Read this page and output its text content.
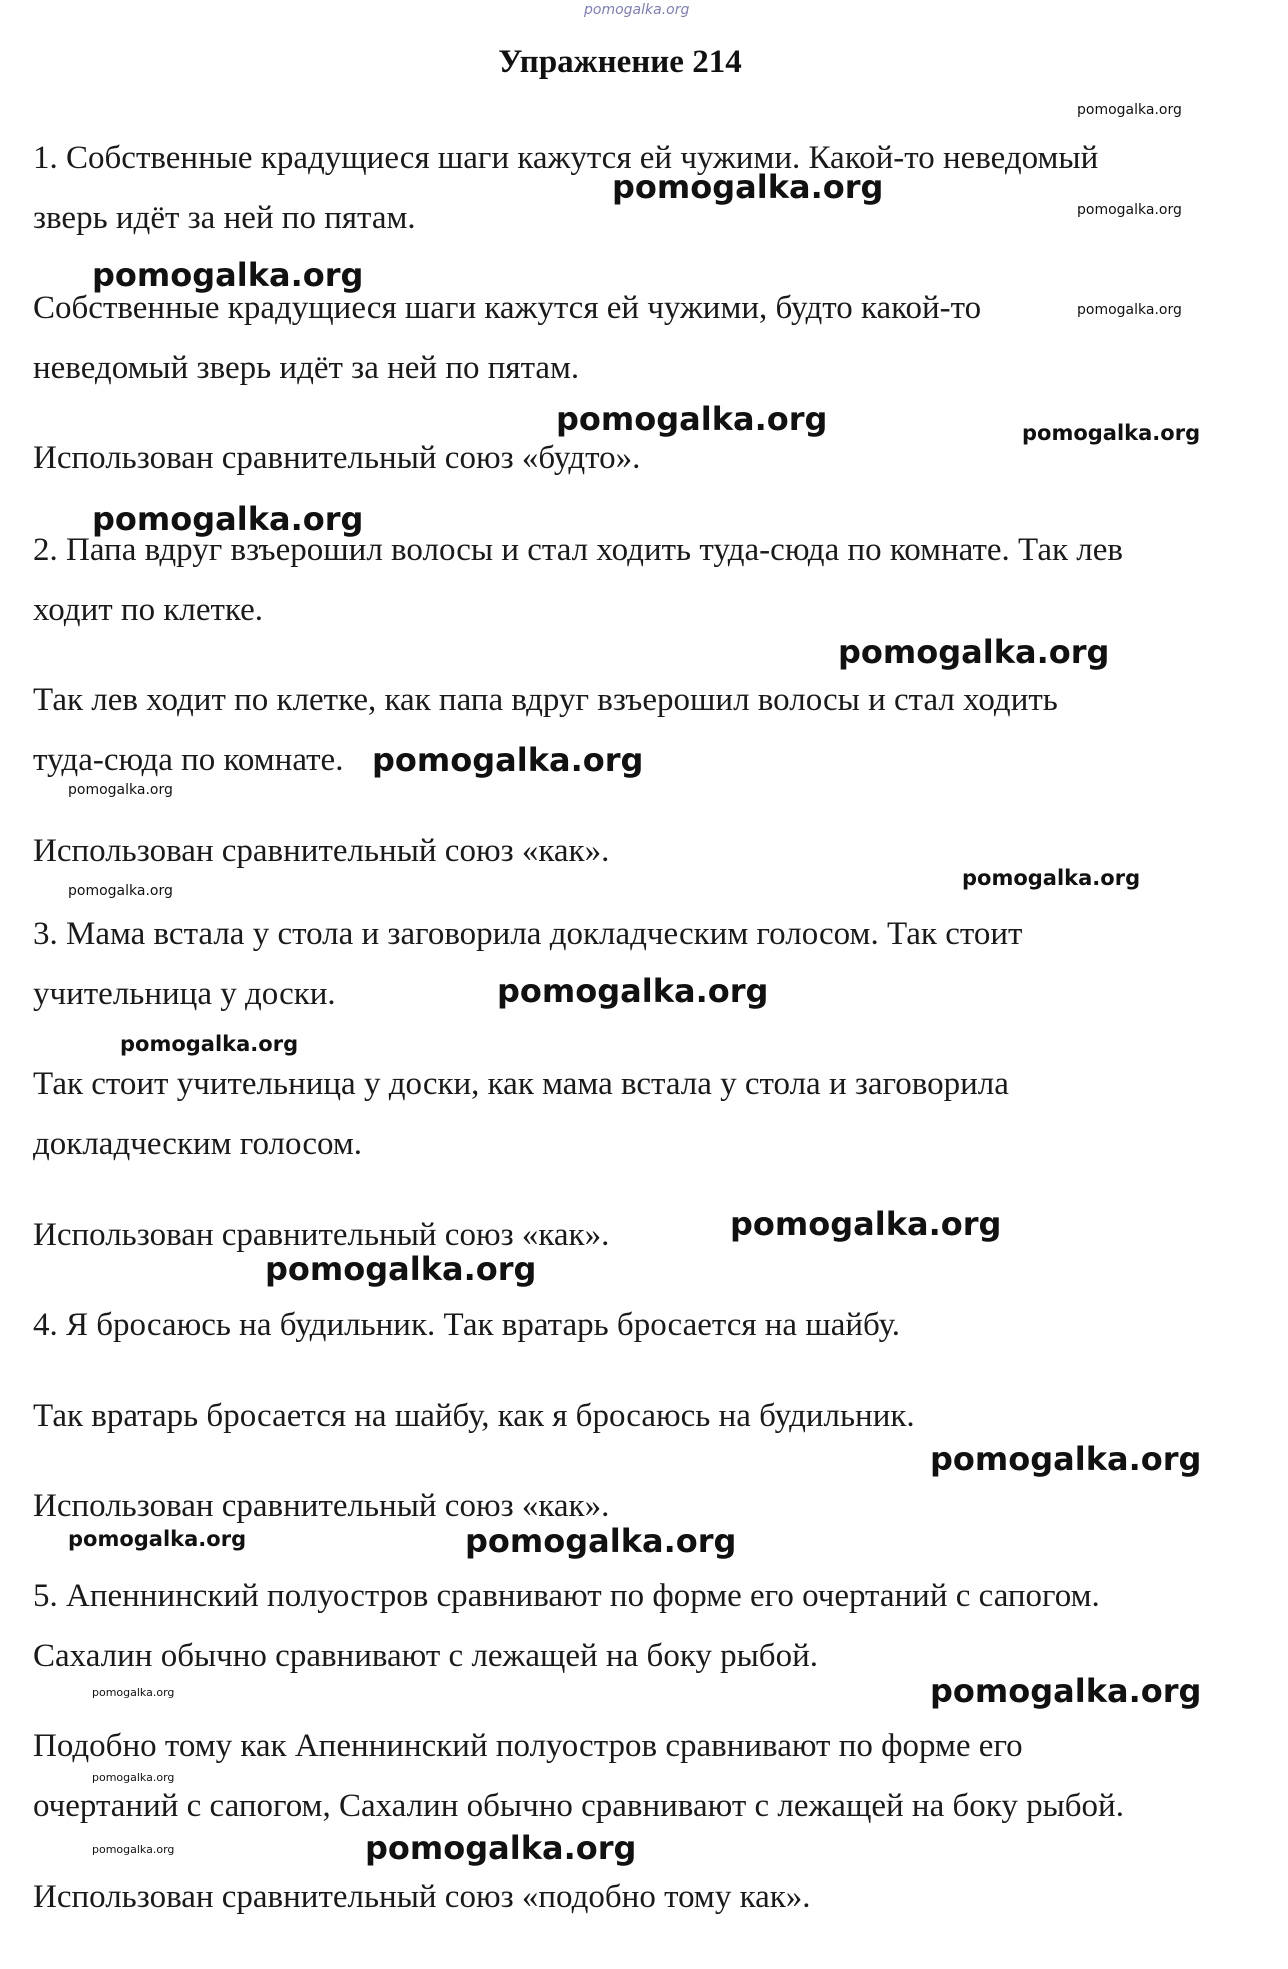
pomogalka.org
Упражнение 214
1. Собственные крадущиеся шаги кажутся ей чужими. Какой-то неведомый
зверь идёт за ней по пятам.
Собственные крадущиеся шаги кажутся ей чужими, будто какой-то
неведомый зверь идёт за ней по пятам.
Использован сравнительный союз «будто».
2. Папа вдруг взъерошил волосы и стал ходить туда-сюда по комнате. Так лев
ходит по клетке.
Так лев ходит по клетке, как папа вдруг взъерошил волосы и стал ходить
туда-сюда по комнате.
Использован сравнительный союз «как».
3. Мама встала у стола и заговорила докладческим голосом. Так стоит
учительница у доски.
Так стоит учительница у доски, как мама встала у стола и заговорила
докладческим голосом.
Использован сравнительный союз «как».
4. Я бросаюсь на будильник. Так вратарь бросается на шайбу.
Так вратарь бросается на шайбу, как я бросаюсь на будильник.
Использован сравнительный союз «как».
5. Апеннинский полуостров сравнивают по форме его очертаний с сапогом.
Сахалин обычно сравнивают с лежащей на боку рыбой.
Подобно тому как Апеннинский полуостров сравнивают по форме его
очертаний с сапогом, Сахалин обычно сравнивают с лежащей на боку рыбой.
Использован сравнительный союз «подобно тому как».
pomogalka.org
pomogalka.org
pomogalka.org
pomogalka.org
pomogalka.org
pomogalka.org	pomogalka.org
pomogalka.org
pomogalka.org
pomogalka.org
pomogalka.org
pomogalka.org
pomogalka.org
pomogalka.org
pomogalka.org
pomogalka.org
pomogalka.org
pomogalka.org
pomogalka.org	pomogalka.org
pomogalka.org
pomogalka.org
pomogalka.org
pomogalka.org	pomogalka.org
